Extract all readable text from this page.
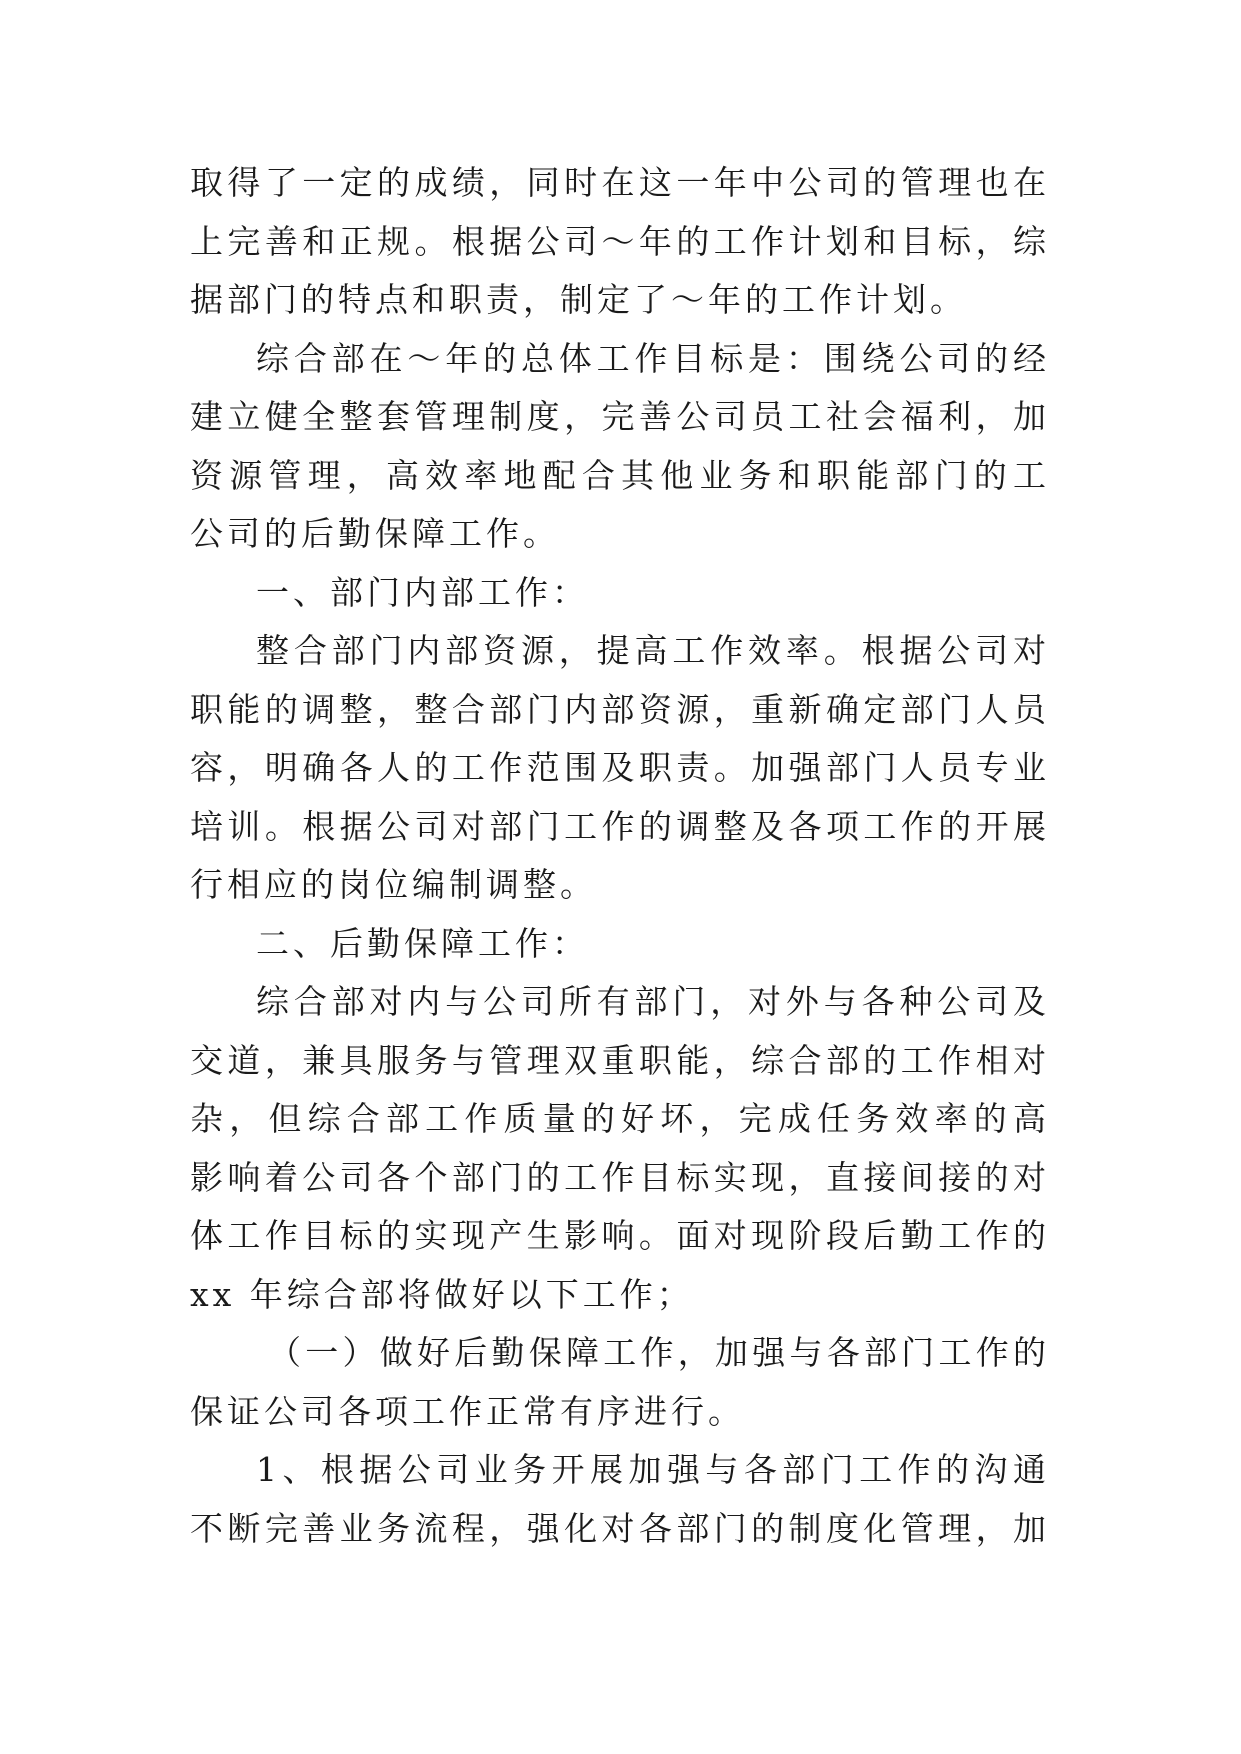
取得了一定的成绩，同时在这一年中公司的管理也在
上完善和正规。根据公司～年的工作计划和目标，综
据部门的特点和职责，制定了～年的工作计划。
综合部在～年的总体工作目标是：围绕公司的经
建立健全整套管理制度，完善公司员工社会福利，加
资源管理，高效率地配合其他业务和职能部门的工
公司的后勤保障工作。
一、部门内部工作：
整合部门内部资源，提高工作效率。根据公司对
职能的调整，整合部门内部资源，重新确定部门人员
容，明确各人的工作范围及职责。加强部门人员专业
培训。根据公司对部门工作的调整及各项工作的开展
行相应的岗位编制调整。
二、后勤保障工作：
综合部对内与公司所有部门，对外与各种公司及
交道，兼具服务与管理双重职能，综合部的工作相对
杂，但综合部工作质量的好坏，完成任务效率的高
影响着公司各个部门的工作目标实现，直接间接的对
体工作目标的实现产生影响。面对现阶段后勤工作的
xx 年综合部将做好以下工作；
（一）做好后勤保障工作，加强与各部门工作的
保证公司各项工作正常有序进行。
1、根据公司业务开展加强与各部门工作的沟通
不断完善业务流程，强化对各部门的制度化管理，加
